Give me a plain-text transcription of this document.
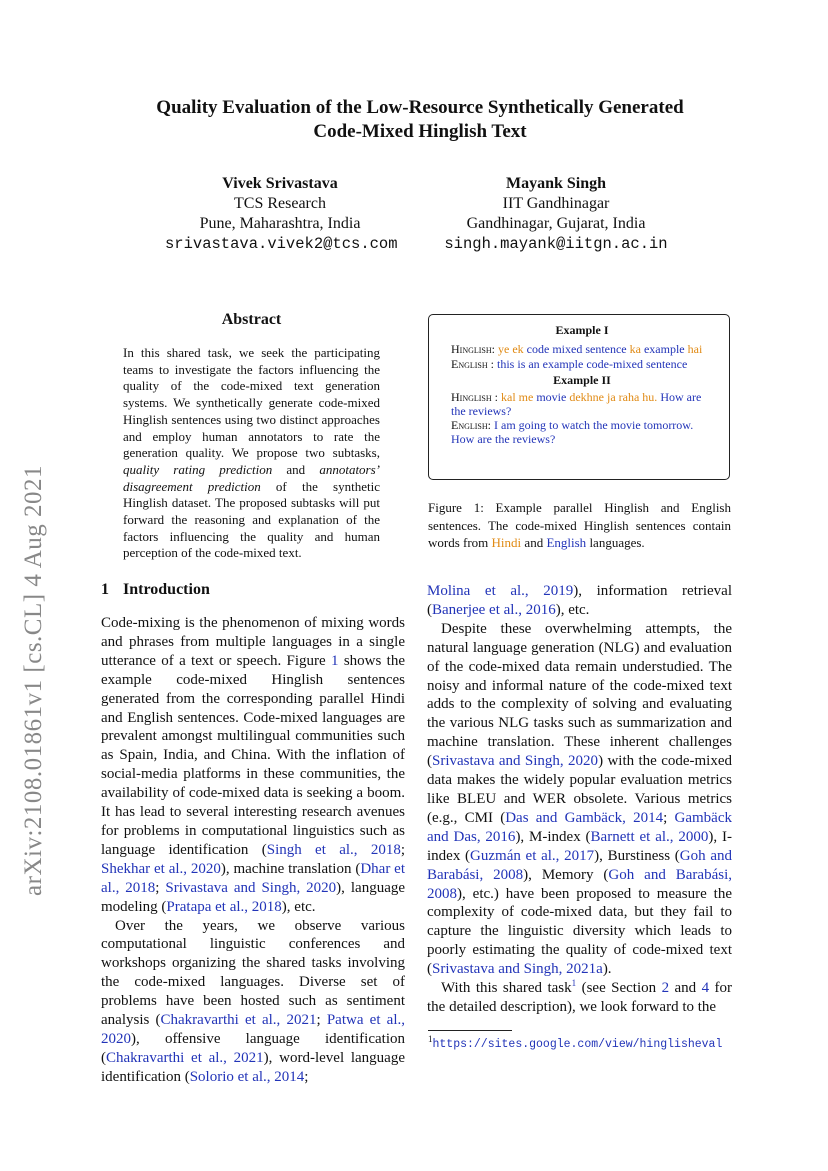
arXiv:2108.01861v1 [cs.CL] 4 Aug 2021
Quality Evaluation of the Low-Resource Synthetically Generated
Code-Mixed Hinglish Text
Vivek Srivastava
TCS Research
Pune, Maharashtra, India
srivastava.vivek2@tcs.com
Mayank Singh
IIT Gandhinagar
Gandhinagar, Gujarat, India
singh.mayank@iitgn.ac.in
Abstract
In this shared task, we seek the participating teams to investigate the factors influencing the quality of the code-mixed text generation systems. We synthetically generate code-mixed Hinglish sentences using two distinct approaches and employ human annotators to rate the generation quality. We propose two subtasks, quality rating prediction and annotators’ disagreement prediction of the synthetic Hinglish dataset. The proposed subtasks will put forward the reasoning and explanation of the factors influencing the quality and human perception of the code-mixed text.
Example I

Hinglish: ye ek code mixed sentence ka example hai

English : this is an example code-mixed sentence

Example II

Hinglish : kal me movie dekhne ja raha hu. How are the reviews?

English: I am going to watch the movie tomorrow. How are the reviews?

Figure 1: Example parallel Hinglish and English sentences. The code-mixed Hinglish sentences contain words from Hindi and English languages.
1 Introduction

Code-mixing is the phenomenon of mixing words and phrases from multiple languages in a single utterance of a text or speech. Figure 1 shows the example code-mixed Hinglish sentences generated from the corresponding parallel Hindi and English sentences. Code-mixed languages are prevalent amongst multilingual communities such as Spain, India, and China. With the inflation of social-media platforms in these communities, the availability of code-mixed data is seeking a boom. It has lead to several interesting research avenues for problems in computational linguistics such as language identification (Singh et al., 2018; Shekhar et al., 2020), machine translation (Dhar et al., 2018; Srivastava and Singh, 2020), language modeling (Pratapa et al., 2018), etc.

Over the years, we observe various computational linguistic conferences and workshops organizing the shared tasks involving the code-mixed languages. Diverse set of problems have been hosted such as sentiment analysis (Chakravarthi et al., 2021; Patwa et al., 2020), offensive language identification (Chakravarthi et al., 2021), word-level language identification (Solorio et al., 2014;

Molina et al., 2019), information retrieval (Banerjee et al., 2016), etc.

Despite these overwhelming attempts, the natural language generation (NLG) and evaluation of the code-mixed data remain understudied. The noisy and informal nature of the code-mixed text adds to the complexity of solving and evaluating the various NLG tasks such as summarization and machine translation. These inherent challenges (Srivastava and Singh, 2020) with the code-mixed data makes the widely popular evaluation metrics like BLEU and WER obsolete. Various metrics (e.g., CMI (Das and Gambäck, 2014; Gambäck and Das, 2016), M-index (Barnett et al., 2000), I-index (Guzmán et al., 2017), Burstiness (Goh and Barabási, 2008), Memory (Goh and Barabási, 2008), etc.) have been proposed to measure the complexity of code-mixed data, but they fail to capture the linguistic diversity which leads to poorly estimating the quality of code-mixed text (Srivastava and Singh, 2021a).

With this shared task$^1$ (see Section 2 and 4 for the detailed description), we look forward to the

$^1$https://sites.google.com/view/hinglisheval
